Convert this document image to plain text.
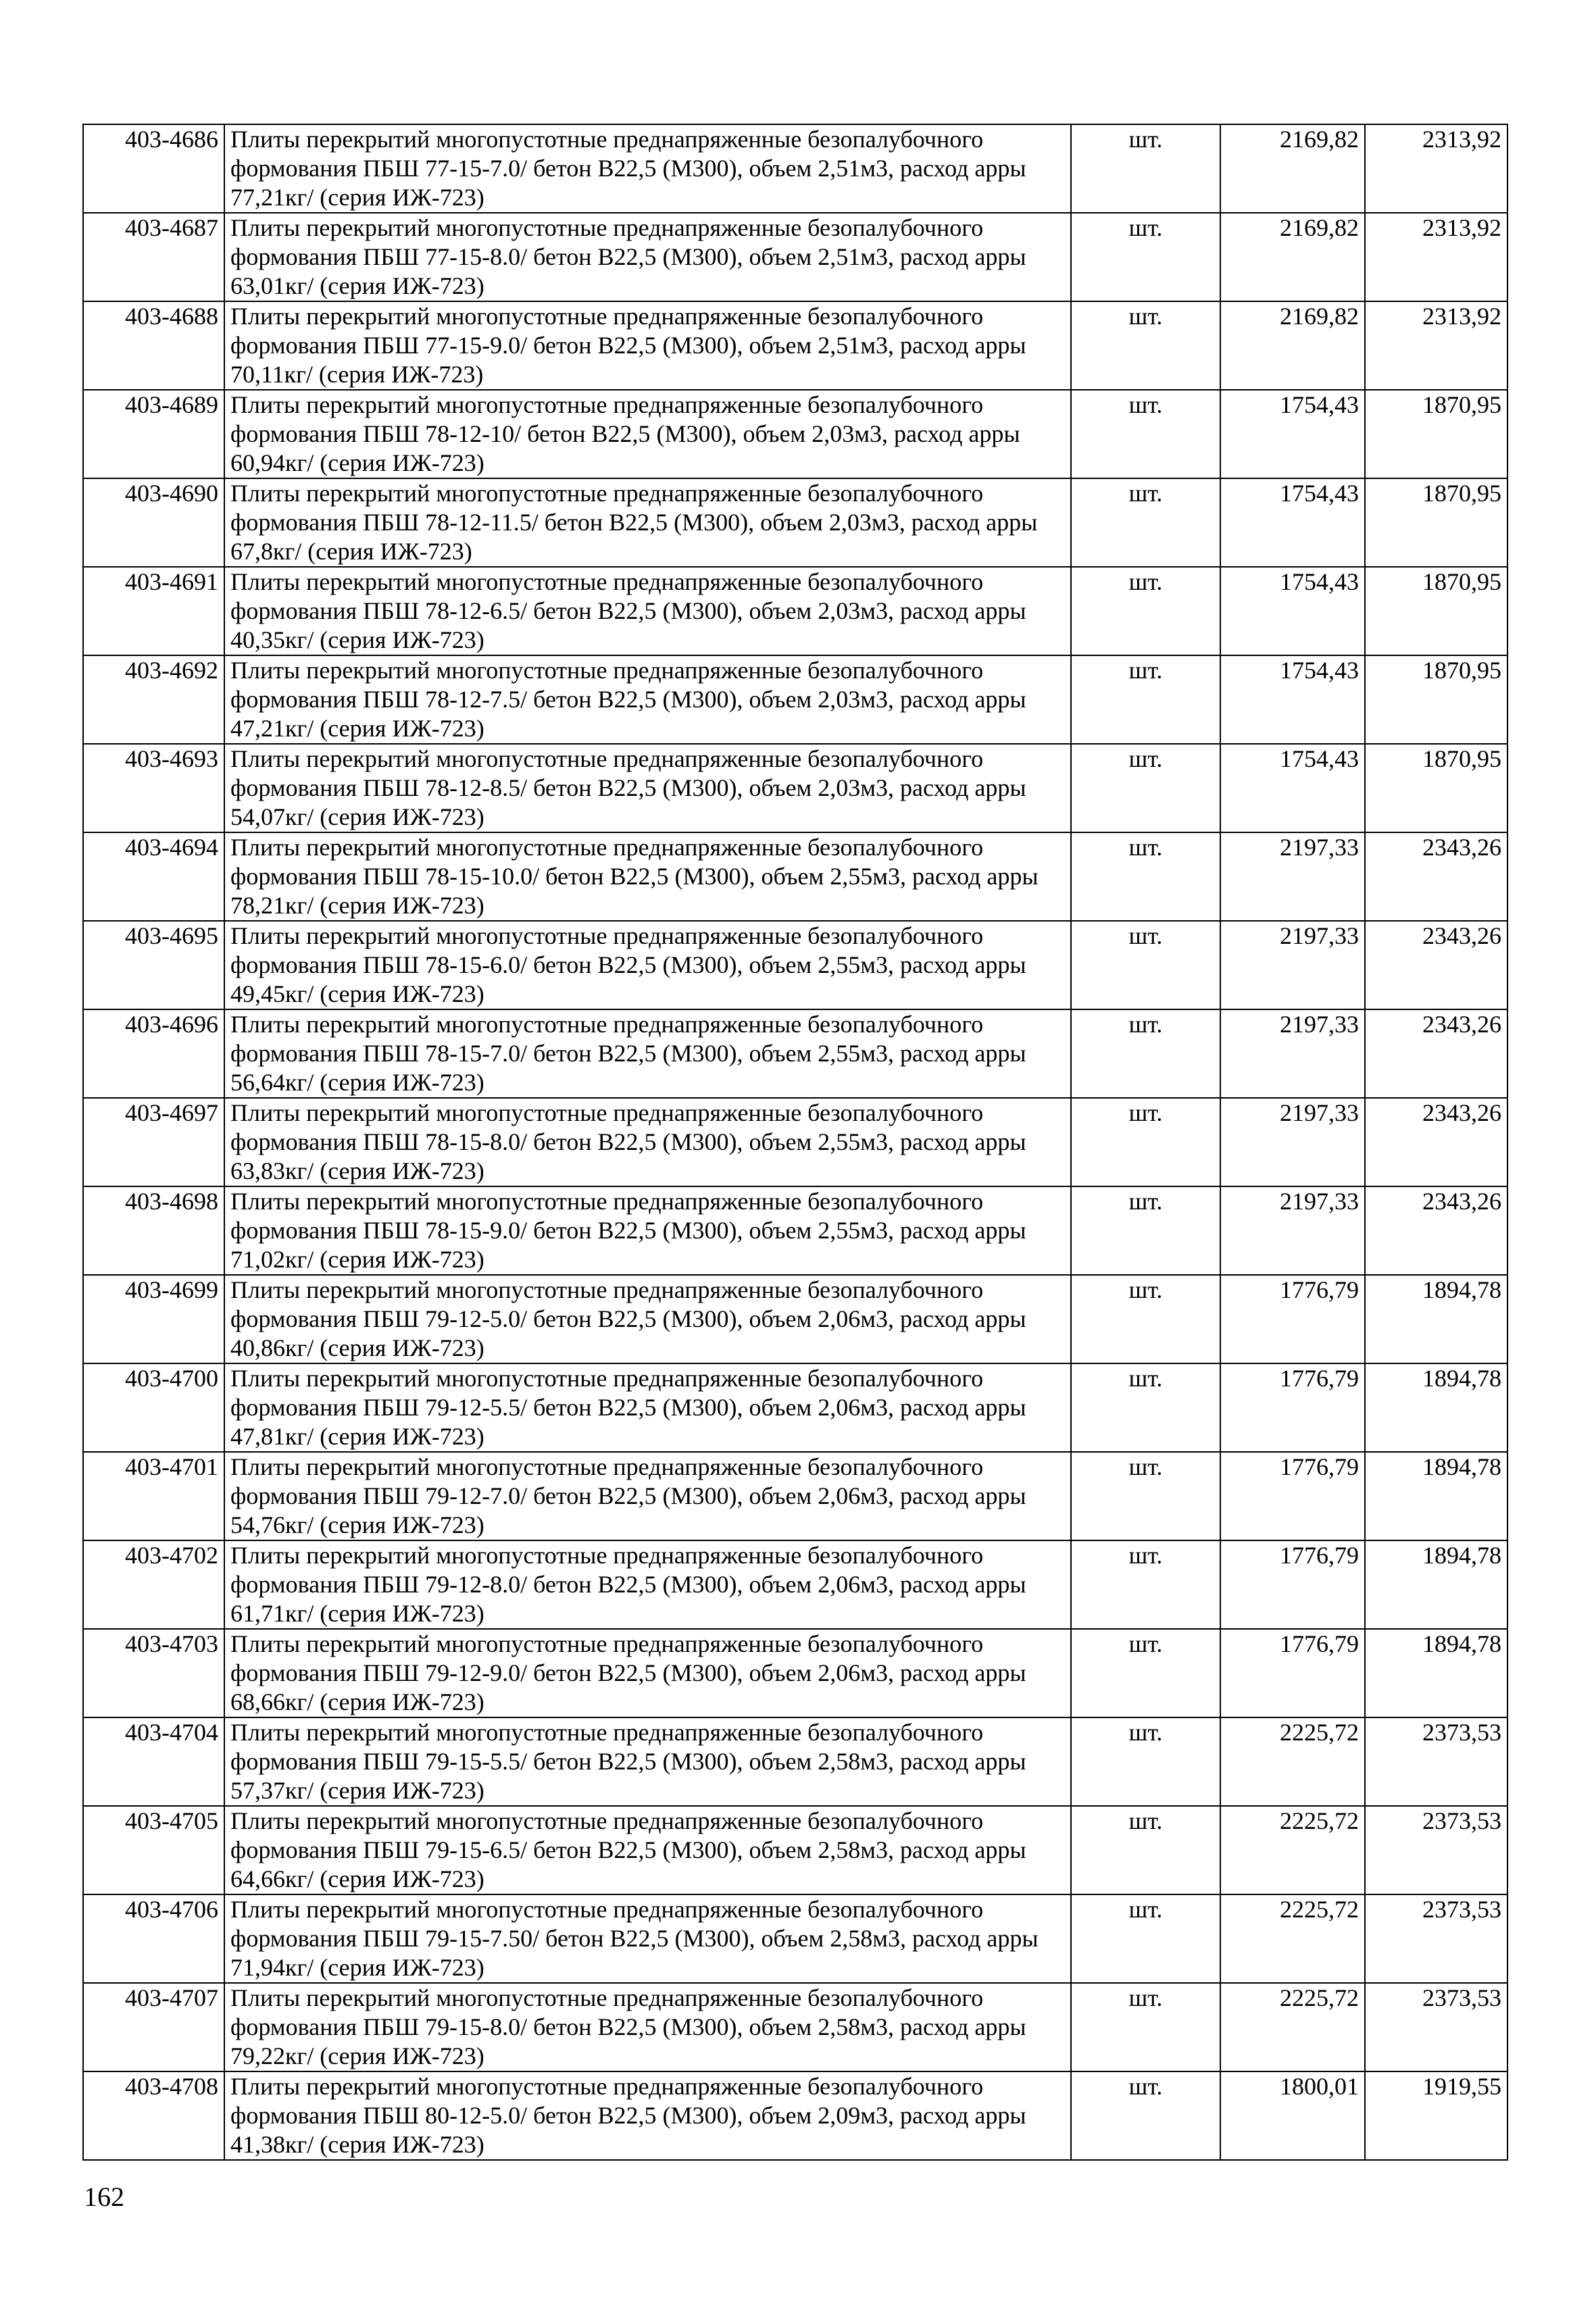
403-4686	Плиты перекрытий многопустотные преднапряженные безопалубочного формования ПБШ 77-15-7.0/ бетон В22,5 (М300), объем 2,51м3, расход арры 77,21кг/ (серия ИЖ-723)	шт.	2169,82	2313,92
403-4687	Плиты перекрытий многопустотные преднапряженные безопалубочного формования ПБШ 77-15-8.0/ бетон В22,5 (М300), объем 2,51м3, расход арры 63,01кг/ (серия ИЖ-723)	шт.	2169,82	2313,92
403-4688	Плиты перекрытий многопустотные преднапряженные безопалубочного формования ПБШ 77-15-9.0/ бетон В22,5 (М300), объем 2,51м3, расход арры 70,11кг/ (серия ИЖ-723)	шт.	2169,82	2313,92
403-4689	Плиты перекрытий многопустотные преднапряженные безопалубочного формования ПБШ 78-12-10/ бетон В22,5 (М300), объем 2,03м3, расход арры 60,94кг/ (серия ИЖ-723)	шт.	1754,43	1870,95
403-4690	Плиты перекрытий многопустотные преднапряженные безопалубочного формования ПБШ 78-12-11.5/ бетон В22,5 (М300), объем 2,03м3, расход арры 67,8кг/ (серия ИЖ-723)	шт.	1754,43	1870,95
403-4691	Плиты перекрытий многопустотные преднапряженные безопалубочного формования ПБШ 78-12-6.5/ бетон В22,5 (М300), объем 2,03м3, расход арры 40,35кг/ (серия ИЖ-723)	шт.	1754,43	1870,95
403-4692	Плиты перекрытий многопустотные преднапряженные безопалубочного формования ПБШ 78-12-7.5/ бетон В22,5 (М300), объем 2,03м3, расход арры 47,21кг/ (серия ИЖ-723)	шт.	1754,43	1870,95
403-4693	Плиты перекрытий многопустотные преднапряженные безопалубочного формования ПБШ 78-12-8.5/ бетон В22,5 (М300), объем 2,03м3, расход арры 54,07кг/ (серия ИЖ-723)	шт.	1754,43	1870,95
403-4694	Плиты перекрытий многопустотные преднапряженные безопалубочного формования ПБШ 78-15-10.0/ бетон В22,5 (М300), объем 2,55м3, расход арры 78,21кг/ (серия ИЖ-723)	шт.	2197,33	2343,26
403-4695	Плиты перекрытий многопустотные преднапряженные безопалубочного формования ПБШ 78-15-6.0/ бетон В22,5 (М300), объем 2,55м3, расход арры 49,45кг/ (серия ИЖ-723)	шт.	2197,33	2343,26
403-4696	Плиты перекрытий многопустотные преднапряженные безопалубочного формования ПБШ 78-15-7.0/ бетон В22,5 (М300), объем 2,55м3, расход арры 56,64кг/ (серия ИЖ-723)	шт.	2197,33	2343,26
403-4697	Плиты перекрытий многопустотные преднапряженные безопалубочного формования ПБШ 78-15-8.0/ бетон В22,5 (М300), объем 2,55м3, расход арры 63,83кг/ (серия ИЖ-723)	шт.	2197,33	2343,26
403-4698	Плиты перекрытий многопустотные преднапряженные безопалубочного формования ПБШ 78-15-9.0/ бетон В22,5 (М300), объем 2,55м3, расход арры 71,02кг/ (серия ИЖ-723)	шт.	2197,33	2343,26
403-4699	Плиты перекрытий многопустотные преднапряженные безопалубочного формования ПБШ 79-12-5.0/ бетон В22,5 (М300), объем 2,06м3, расход арры 40,86кг/ (серия ИЖ-723)	шт.	1776,79	1894,78
403-4700	Плиты перекрытий многопустотные преднапряженные безопалубочного формования ПБШ 79-12-5.5/ бетон В22,5 (М300), объем 2,06м3, расход арры 47,81кг/ (серия ИЖ-723)	шт.	1776,79	1894,78
403-4701	Плиты перекрытий многопустотные преднапряженные безопалубочного формования ПБШ 79-12-7.0/ бетон В22,5 (М300), объем 2,06м3, расход арры 54,76кг/ (серия ИЖ-723)	шт.	1776,79	1894,78
403-4702	Плиты перекрытий многопустотные преднапряженные безопалубочного формования ПБШ 79-12-8.0/ бетон В22,5 (М300), объем 2,06м3, расход арры 61,71кг/ (серия ИЖ-723)	шт.	1776,79	1894,78
403-4703	Плиты перекрытий многопустотные преднапряженные безопалубочного формования ПБШ 79-12-9.0/ бетон В22,5 (М300), объем 2,06м3, расход арры 68,66кг/ (серия ИЖ-723)	шт.	1776,79	1894,78
403-4704	Плиты перекрытий многопустотные преднапряженные безопалубочного формования ПБШ 79-15-5.5/ бетон В22,5 (М300), объем 2,58м3, расход арры 57,37кг/ (серия ИЖ-723)	шт.	2225,72	2373,53
403-4705	Плиты перекрытий многопустотные преднапряженные безопалубочного формования ПБШ 79-15-6.5/ бетон В22,5 (М300), объем 2,58м3, расход арры 64,66кг/ (серия ИЖ-723)	шт.	2225,72	2373,53
403-4706	Плиты перекрытий многопустотные преднапряженные безопалубочного формования ПБШ 79-15-7.50/ бетон В22,5 (М300), объем 2,58м3, расход арры 71,94кг/ (серия ИЖ-723)	шт.	2225,72	2373,53
403-4707	Плиты перекрытий многопустотные преднапряженные безопалубочного формования ПБШ 79-15-8.0/ бетон В22,5 (М300), объем 2,58м3, расход арры 79,22кг/ (серия ИЖ-723)	шт.	2225,72	2373,53
403-4708	Плиты перекрытий многопустотные преднапряженные безопалубочного формования ПБШ 80-12-5.0/ бетон В22,5 (М300), объем 2,09м3, расход арры 41,38кг/ (серия ИЖ-723)	шт.	1800,01	1919,55
162
